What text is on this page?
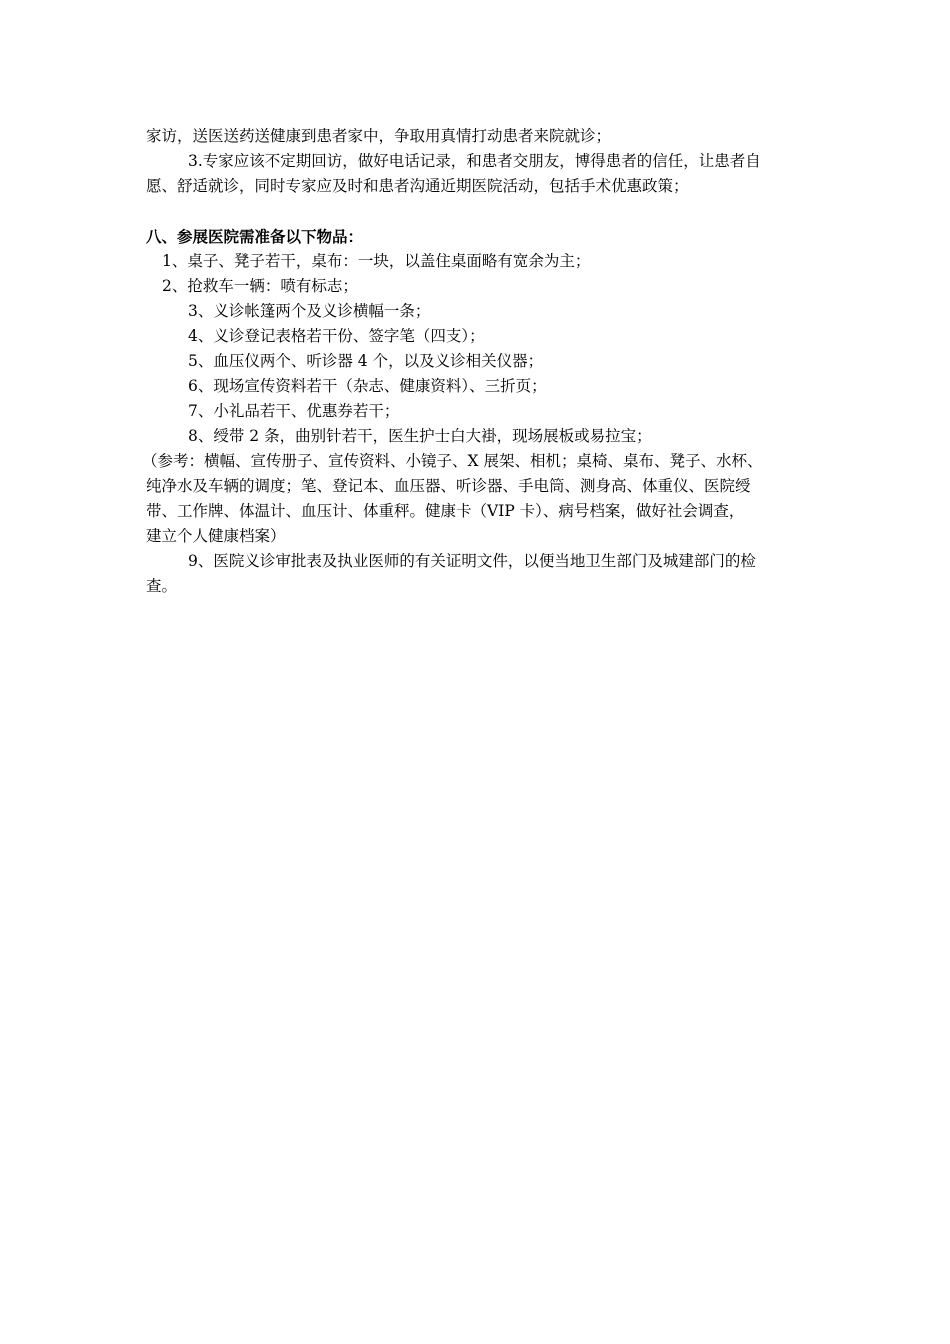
家访，送医送药送健康到患者家中，争取用真情打动患者来院就诊；
3.专家应该不定期回访，做好电话记录，和患者交朋友，博得患者的信任，让患者自
愿、舒适就诊，同时专家应及时和患者沟通近期医院活动，包括手术优惠政策；
八、参展医院需准备以下物品：
1、桌子、凳子若干，桌布：一块，以盖住桌面略有宽余为主；
2、抢救车一辆：喷有标志；
3、义诊帐篷两个及义诊横幅一条；
4、义诊登记表格若干份、签字笔（四支）；
5、血压仪两个、听诊器 4 个，以及义诊相关仪器；
6、现场宣传资料若干（杂志、健康资料）、三折页；
7、小礼品若干、优惠券若干；
8、绶带 2 条，曲别针若干，医生护士白大褂，现场展板或易拉宝；
（参考：横幅、宣传册子、宣传资料、小镜子、X 展架、相机；桌椅、桌布、凳子、水杯、
纯净水及车辆的调度；笔、登记本、血压器、听诊器、手电筒、测身高、体重仪、医院绶
带、工作牌、体温计、血压计、体重秤。健康卡（VIP 卡）、病号档案，做好社会调查，
建立个人健康档案）
9、医院义诊审批表及执业医师的有关证明文件，以便当地卫生部门及城建部门的检
查。
